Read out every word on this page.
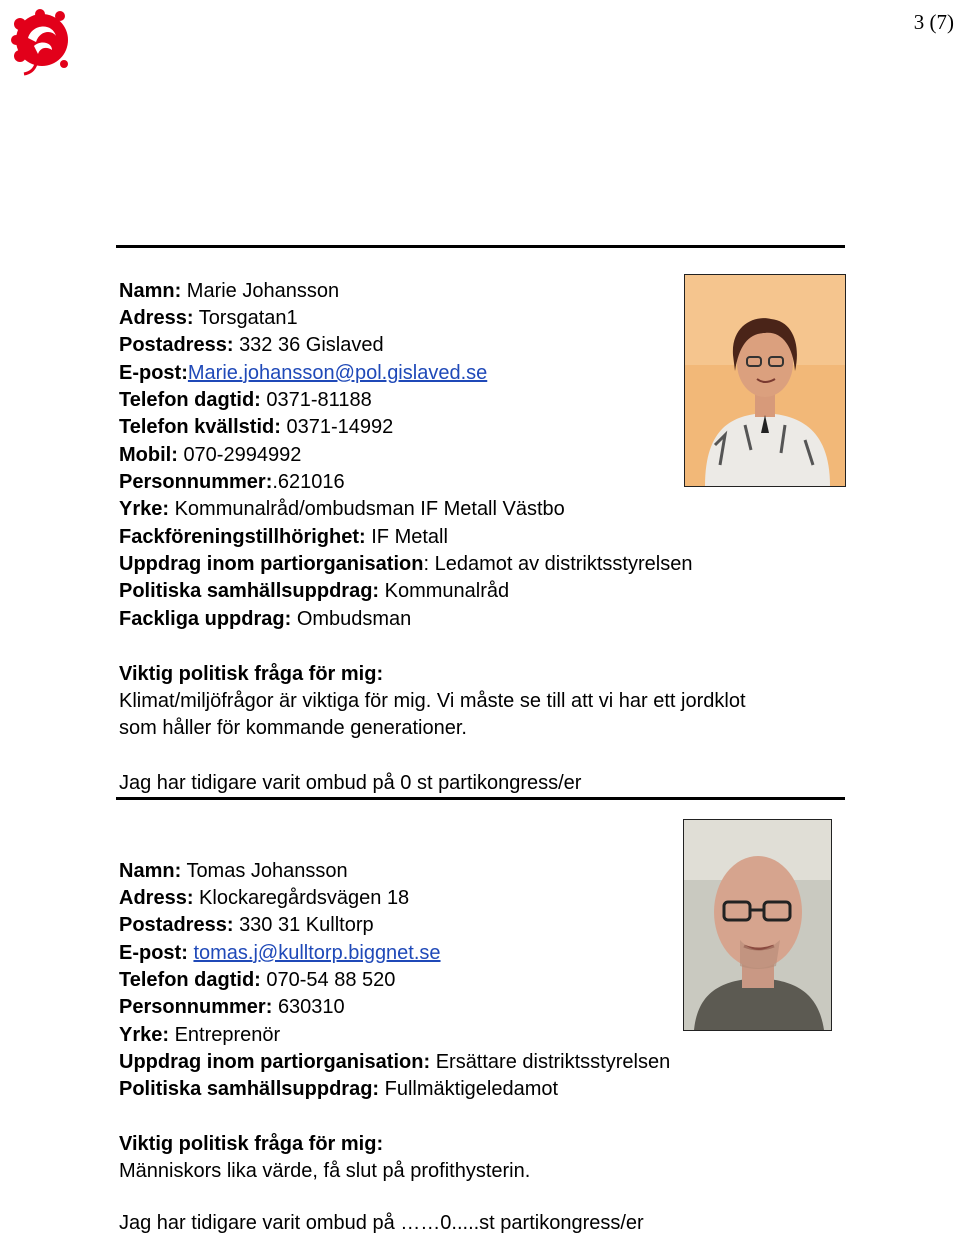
3 (7)
Namn: Marie Johansson
Adress: Torsgatan1
Postadress: 332 36 Gislaved
E-post:Marie.johansson@pol.gislaved.se
Telefon dagtid: 0371-81188
Telefon kvällstid: 0371-14992
Mobil: 070-2994992
Personnummer:.621016
Yrke: Kommunalråd/ombudsman IF Metall Västbo
Fackföreningstillhörighet: IF Metall
Uppdrag inom partiorganisation: Ledamot av distriktsstyrelsen
Politiska samhällsuppdrag: Kommunalråd
Fackliga uppdrag: Ombudsman
Viktig politisk fråga för mig:
Klimat/miljöfrågor är viktiga för mig. Vi måste se till att vi har ett jordklot
som håller för kommande generationer.
Jag har tidigare varit ombud på 0 st partikongress/er
Namn: Tomas Johansson
Adress: Klockaregårdsvägen 18
Postadress: 330 31 Kulltorp
E-post: tomas.j@kulltorp.biggnet.se
Telefon dagtid: 070-54 88 520
Personnummer: 630310
Yrke: Entreprenör
Uppdrag inom partiorganisation: Ersättare distriktsstyrelsen
Politiska samhällsuppdrag: Fullmäktigeledamot
Viktig politisk fråga för mig:
Människors lika värde, få slut på profithysterin.
Jag har tidigare varit ombud på ……0.....st partikongress/er
